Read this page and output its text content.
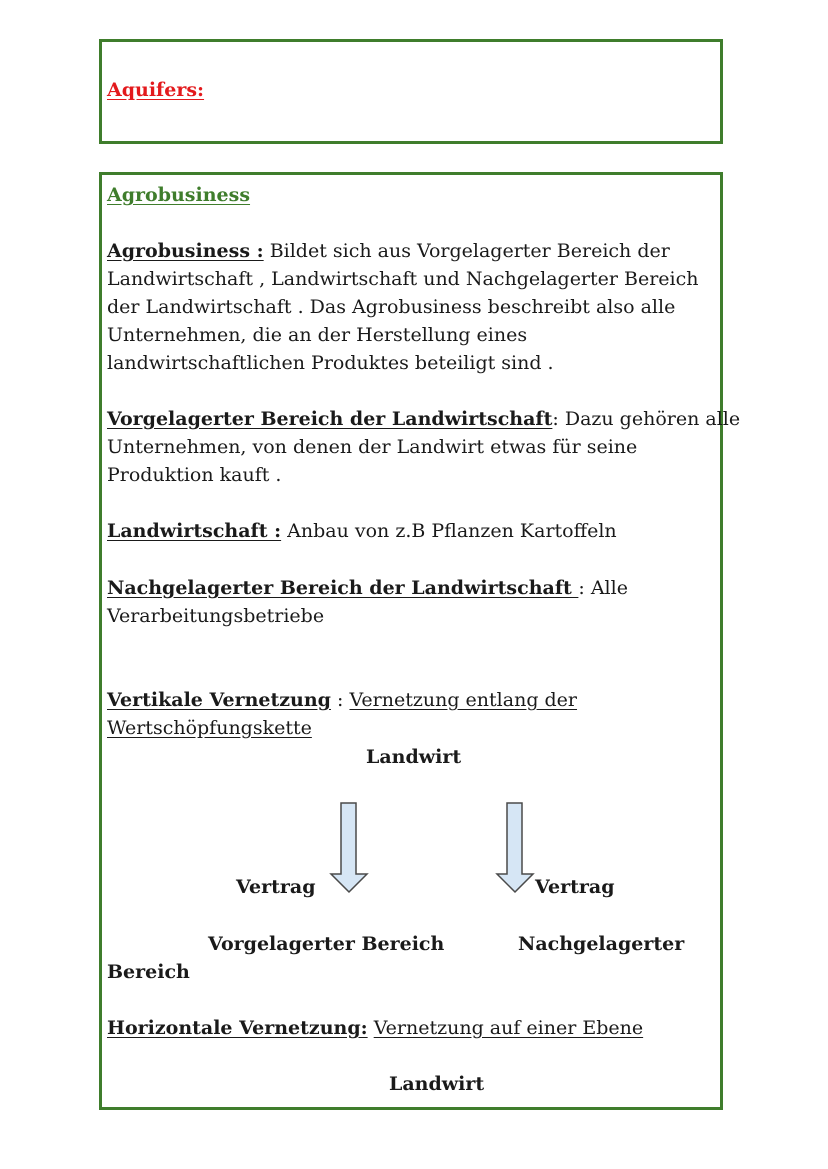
Aquifers:
Agrobusiness
Agrobusiness : Bildet sich aus Vorgelagerter Bereich der
Landwirtschaft , Landwirtschaft und Nachgelagerter Bereich
der Landwirtschaft . Das Agrobusiness beschreibt also alle
Unternehmen, die an der Herstellung eines
landwirtschaftlichen Produktes beteiligt sind .
Vorgelagerter Bereich der Landwirtschaft: Dazu gehören alle
Unternehmen, von denen der Landwirt etwas für seine
Produktion kauft .
Landwirtschaft : Anbau von z.B Pflanzen Kartoffeln
Nachgelagerter Bereich der Landwirtschaft : Alle
Verarbeitungsbetriebe
Vertikale Vernetzung : Vernetzung entlang der
Wertschöpfungskette
Landwirt
Vertrag	Vertrag
Vorgelagerter Bereich	Nachgelagerter
Bereich
Horizontale Vernetzung: Vernetzung auf einer Ebene
Landwirt
